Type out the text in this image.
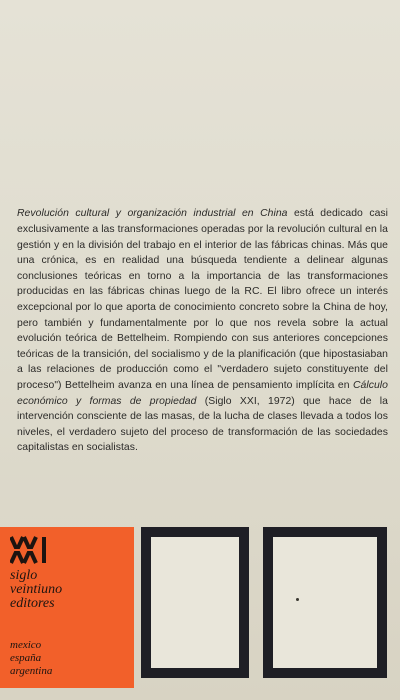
Revolución cultural y organización industrial en China está dedicado casi exclusivamente a las transformaciones operadas por la revolución cultural en la gestión y en la división del trabajo en el interior de las fábricas chinas. Más que una crónica, es en realidad una búsqueda tendiente a delinear algunas conclusiones teóricas en torno a la importancia de las transformaciones producidas en las fábricas chinas luego de la RC. El libro ofrece un interés excepcional por lo que aporta de conocimiento concreto sobre la China de hoy, pero también y fundamentalmente por lo que nos revela sobre la actual evolución teórica de Bettelheim. Rompiendo con sus anteriores concepciones teóricas de la transición, del socialismo y de la planificación (que hipostasiaban a las relaciones de producción como el "verdadero sujeto constituyente del proceso") Bettelheim avanza en una línea de pensamiento implícita en Cálculo económico y formas de propiedad (Siglo XXI, 1972) que hace de la intervención consciente de las masas, de la lucha de clases llevada a todos los niveles, el verdadero sujeto del proceso de transformación de las sociedades capitalistas en socialistas.

siglo
veintiuno
editores
mexico
españa
argentina
